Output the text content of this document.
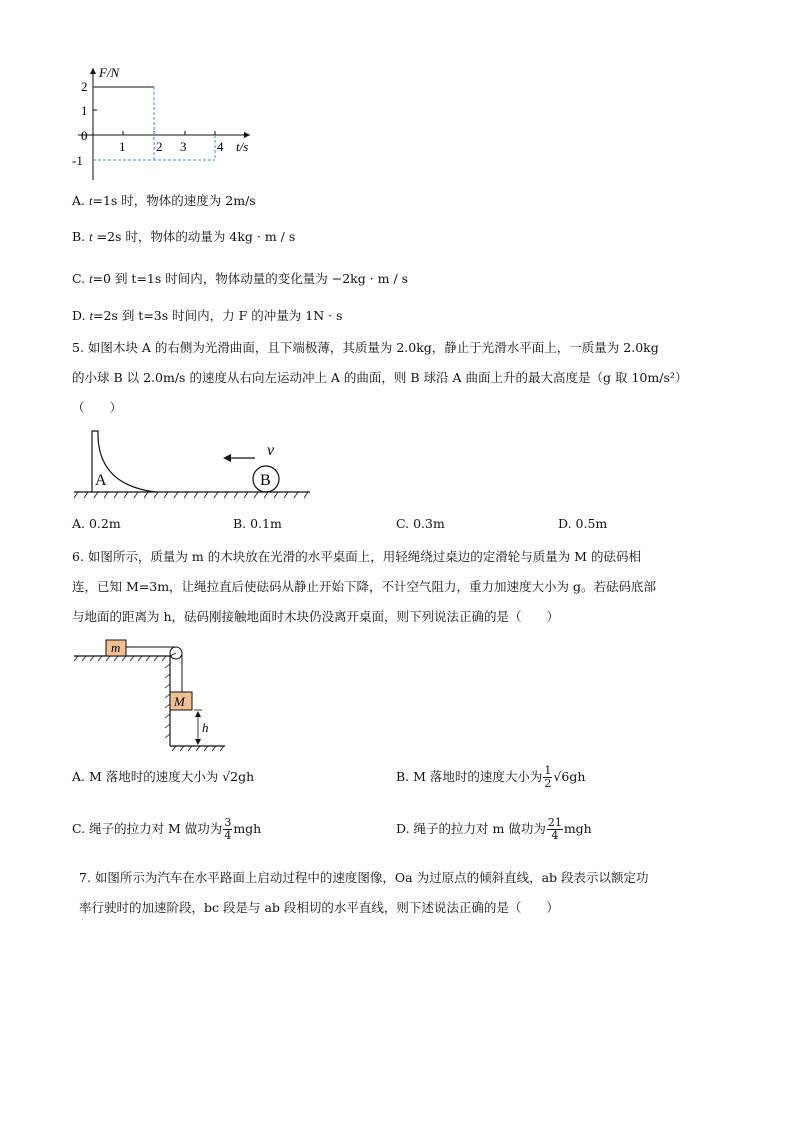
F/N
2
1
0
-1
1 2 3 4 t/s
A. t=1s 时，物体的速度为 2m/s
B. t =2s 时，物体的动量为 4kg · m / s
C. t=0 到 t=1s 时间内，物体动量的变化量为 −2kg · m / s
D. t=2s 到 t=3s 时间内，力 F 的冲量为 1N · s
5. 如图木块 A 的右侧为光滑曲面，且下端极薄，其质量为 2.0kg，静止于光滑水平面上，一质量为 2.0kg
的小球 B 以 2.0m/s 的速度从右向左运动冲上 A 的曲面，则 B 球沿 A 曲面上升的最大高度是（g 取 10m/s²）
（　　）
A
v
B
A. 0.2m	B. 0.1m	C. 0.3m	D. 0.5m
6. 如图所示，质量为 m 的木块放在光滑的水平桌面上，用轻绳绕过桌边的定滑轮与质量为 M 的砝码相
连，已知 M=3m，让绳拉直后使砝码从静止开始下降，不计空气阻力，重力加速度大小为 g。若砝码底部
与地面的距离为 h，砝码刚接触地面时木块仍没离开桌面，则下列说法正确的是（　　）
m
M
h
A. M 落地时的速度大小为 √2gh	B. M 落地时的速度大小为 $\frac{1}{2} √6gh$
C. 绳子的拉力对 M 做功为 $\frac{3}{4}$ mgh	D. 绳子的拉力对 m 做功为 $\frac{21}{4}$ mgh
7. 如图所示为汽车在水平路面上启动过程中的速度图像，Oa 为过原点的倾斜直线，ab 段表示以额定功
率行驶时的加速阶段，bc 段是与 ab 段相切的水平直线，则下述说法正确的是（　　）
